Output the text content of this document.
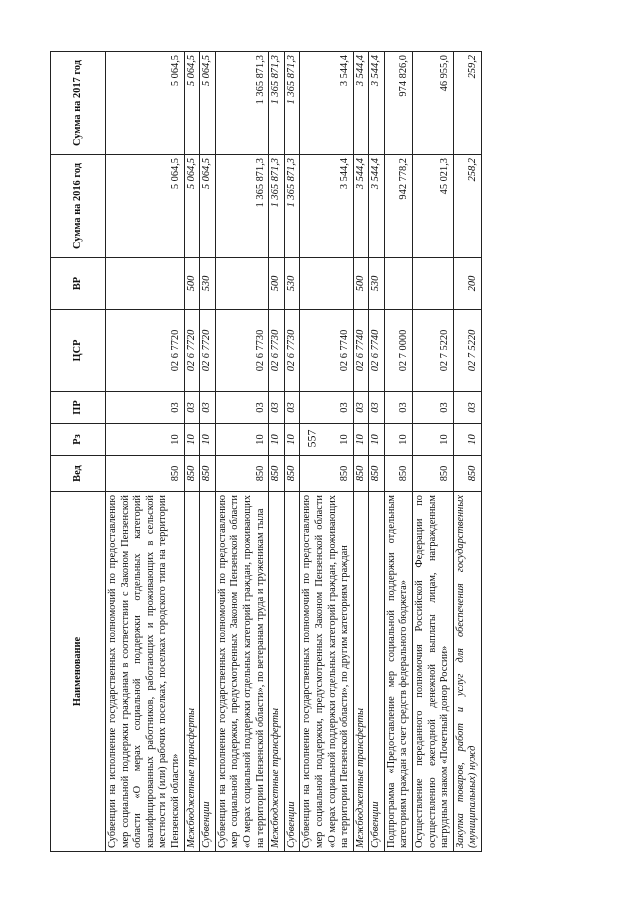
557
Наименование	Вед	Рз	ПР	ЦСР	ВР	Сумма на 2016 год	Сумма на 2017 год
Субвенции на исполнение государственных полномочий по предоставлению мер социальной поддержки гражданам в соответствии с Законом Пензенской области «О мерах социальной поддержки отдельных категорий квалифицированных работников, работающих и проживающих в сельской местности и (или) рабочих поселках, поселках городского типа на территории Пензенской области»	850	10	03	02 6 7720		5 064,5	5 064,5
Межбюджетные трансферты	850	10	03	02 6 7720	500	5 064,5	5 064,5
Субвенции	850	10	03	02 6 7720	530	5 064,5	5 064,5
Субвенции на исполнение государственных полномочий по предоставлению мер социальной поддержки, предусмотренных Законом Пензенской области «О мерах социальной поддержки отдельных категорий граждан, проживающих на территории Пензенской области», по ветеранам труда и труженикам тыла	850	10	03	02 6 7730		1 365 871,3	1 365 871,3
Межбюджетные трансферты	850	10	03	02 6 7730	500	1 365 871,3	1 365 871,3
Субвенции	850	10	03	02 6 7730	530	1 365 871,3	1 365 871,3
Субвенции на исполнение государственных полномочий по предоставлению мер социальной поддержки, предусмотренных Законом Пензенской области «О мерах социальной поддержки отдельных категорий граждан, проживающих на территории Пензенской области», по другим категориям граждан	850	10	03	02 6 7740		3 544,4	3 544,4
Межбюджетные трансферты	850	10	03	02 6 7740	500	3 544,4	3 544,4
Субвенции	850	10	03	02 6 7740	530	3 544,4	3 544,4
Подпрограмма «Предоставление мер социальной поддержки отдельным категориям граждан за счет средств федерального бюджета»	850	10	03	02 7 0000		942 778,2	974 826,0
Осуществление переданного полномочия Российской Федерации по осуществлению ежегодной денежной выплаты лицам, награжденным нагрудным знаком «Почетный донор России»	850	10	03	02 7 5220		45 021,3	46 955,0
Закупка товаров, работ и услуг для обеспечения государственных (муниципальных) нужд	850	10	03	02 7 5220	200	258,2	259,2
